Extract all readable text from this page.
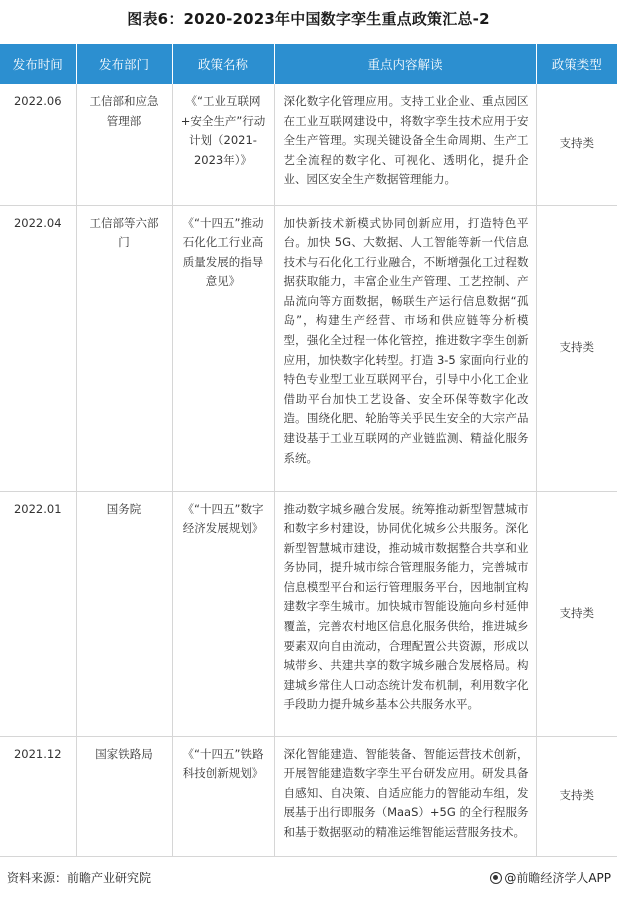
图表6：2020-2023年中国数字孪生重点政策汇总-2
发布时间	发布部门	政策名称	重点内容解读	政策类型
2022.06	工信部和应急管理部	《“工业互联网+安全生产”行动计划（2021-2023年）》	深化数字化管理应用。支持工业企业、重点园区在工业互联网建设中，将数字孪生技术应用于安全生产管理。实现关键设备全生命周期、生产工艺全流程的数字化、可视化、透明化，提升企业、园区安全生产数据管理能力。	支持类
2022.04	工信部等六部门	《“十四五”推动石化化工行业高质量发展的指导意见》	加快新技术新模式协同创新应用，打造特色平台。加快 5G、大数据、人工智能等新一代信息技术与石化化工行业融合，不断增强化工过程数据获取能力，丰富企业生产管理、工艺控制、产品流向等方面数据，畅联生产运行信息数据“孤岛”，构建生产经营、市场和供应链等分析模型，强化全过程一体化管控，推进数字孪生创新应用，加快数字化转型。打造 3-5 家面向行业的特色专业型工业互联网平台，引导中小化工企业借助平台加快工艺设备、安全环保等数字化改造。围绕化肥、轮胎等关乎民生安全的大宗产品建设基于工业互联网的产业链监测、精益化服务系统。	支持类
2022.01	国务院	《“十四五”数字经济发展规划》	推动数字城乡融合发展。统筹推动新型智慧城市和数字乡村建设，协同优化城乡公共服务。深化新型智慧城市建设，推动城市数据整合共享和业务协同，提升城市综合管理服务能力，完善城市信息模型平台和运行管理服务平台，因地制宜构建数字孪生城市。加快城市智能设施向乡村延伸覆盖，完善农村地区信息化服务供给，推进城乡要素双向自由流动，合理配置公共资源，形成以城带乡、共建共享的数字城乡融合发展格局。构建城乡常住人口动态统计发布机制，利用数字化手段助力提升城乡基本公共服务水平。	支持类
2021.12	国家铁路局	《“十四五”铁路科技创新规划》	深化智能建造、智能装备、智能运营技术创新，开展智能建造数字孪生平台研发应用。研发具备自感知、自决策、自适应能力的智能动车组，发展基于出行即服务（MaaS）+5G 的全行程服务和基于数据驱动的精准运维智能运营服务技术。	支持类
资料来源：前瞻产业研究院	@前瞻经济学人APP
